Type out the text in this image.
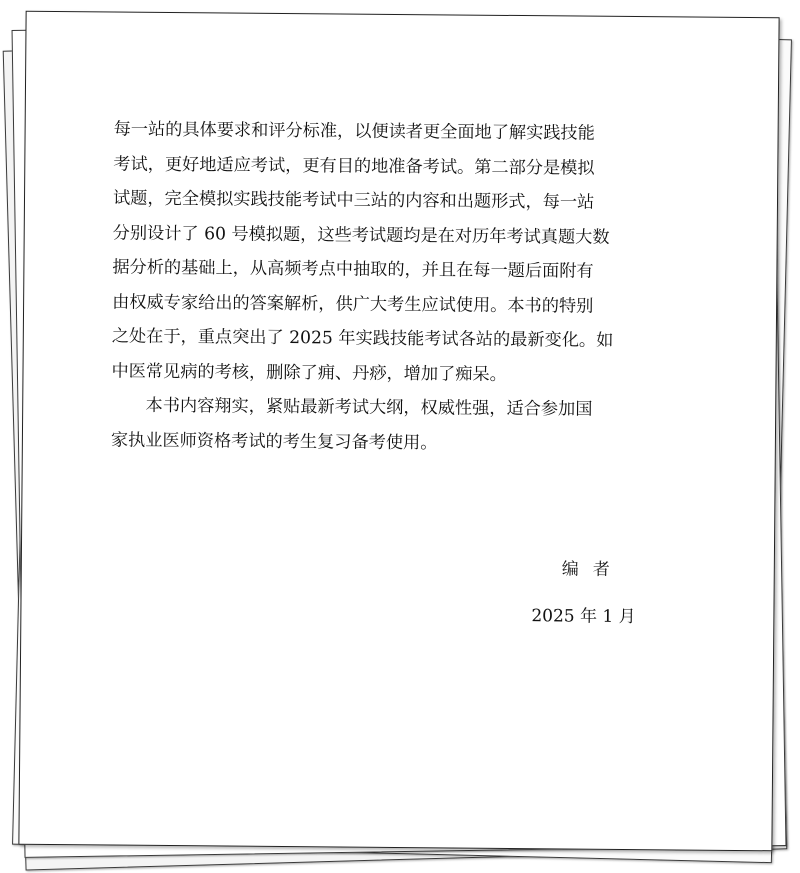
每一站的具体要求和评分标准，以便读者更全面地了解实践技能
考试，更好地适应考试，更有目的地准备考试。第二部分是模拟
试题，完全模拟实践技能考试中三站的内容和出题形式，每一站
分别设计了 60 号模拟题，这些考试题均是在对历年考试真题大数
据分析的基础上，从高频考点中抽取的，并且在每一题后面附有
由权威专家给出的答案解析，供广大考生应试使用。本书的特别
之处在于，重点突出了 2025 年实践技能考试各站的最新变化。如
中医常见病的考核，删除了痈、丹痧，增加了痴呆。

本书内容翔实，紧贴最新考试大纲，权威性强，适合参加国
家执业医师资格考试的考生复习备考使用。

编者
2025 年 1 月
